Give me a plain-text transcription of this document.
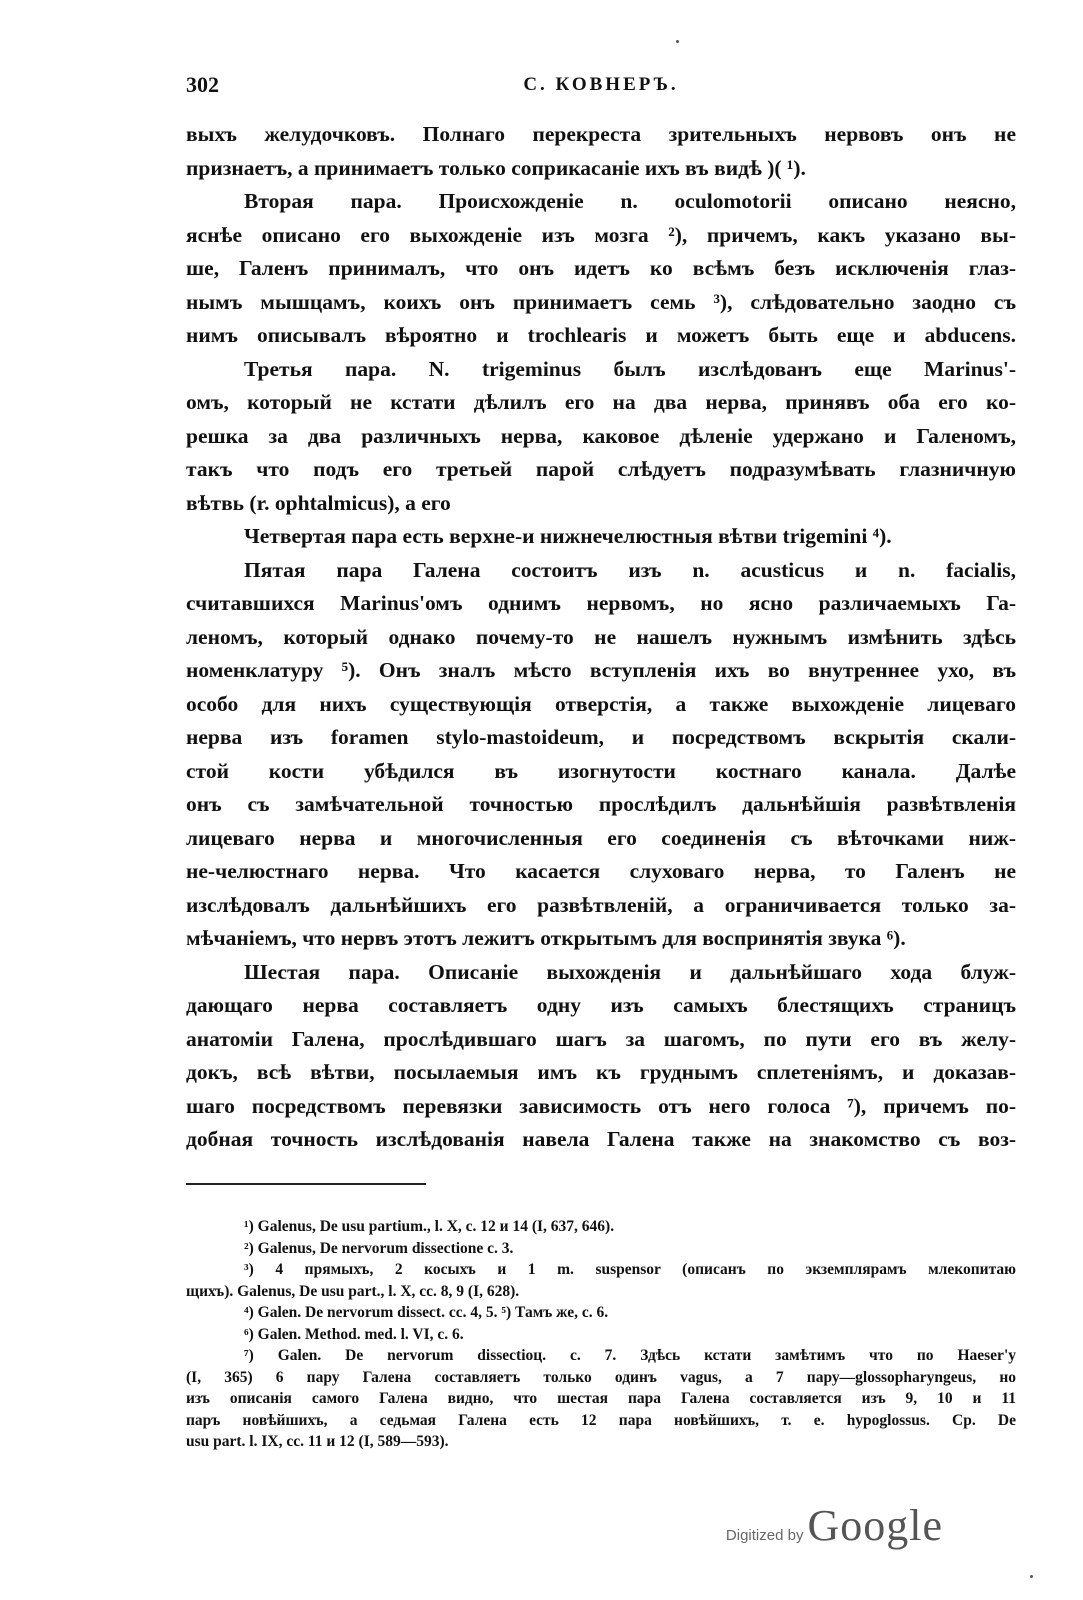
302	С. КОВНЕРЪ.
выхъ желудочковъ. Полнаго перекреста зрительныхъ нервовъ онъ не
признаетъ, а принимаетъ только соприкасаніе ихъ въ видѣ )( ¹).
Вторая пара. Происхожденіе n. oculomotorii описано неясно,
яснѣе описано его выхожденіе изъ мозга ²), причемъ, какъ указано вы-
ше, Галенъ принималъ, что онъ идетъ ко всѣмъ безъ исключенія глаз-
нымъ мышцамъ, коихъ онъ принимаетъ семь ³), слѣдовательно заодно съ
нимъ описывалъ вѣроятно и trochlearis и можетъ быть еще и abducens.
Третья пара. N. trigeminus былъ изслѣдованъ еще Marinus'-
омъ, который не кстати дѣлилъ его на два нерва, принявъ оба его ко-
решка за два различныхъ нерва, каковое дѣленіе удержано и Галеномъ,
такъ что подъ его третьей парой слѣдуетъ подразумѣвать глазничную
вѣтвь (r. ophtalmicus), а его
Четвертая пара есть верхне-и нижнечелюстныя вѣтви trigemini ⁴).
Пятая пара Галена состоитъ изъ n. acusticus и n. facialis,
считавшихся Marinus'омъ однимъ нервомъ, но ясно различаемыхъ Га-
леномъ, который однако почему-то не нашелъ нужнымъ измѣнить здѣсь
номенклатуру ⁵). Онъ зналъ мѣсто вступленія ихъ во внутреннее ухо, въ
особо для нихъ существующія отверстія, а также выхожденіе лицеваго
нерва изъ foramen stylo-mastoideum, и посредствомъ вскрытія скали-
стой кости убѣдился въ изогнутости костнаго канала. Далѣе
онъ съ замѣчательной точностью прослѣдилъ дальнѣйшія развѣтвленія
лицеваго нерва и многочисленныя его соединенія съ вѣточками ниж-
не-челюстнаго нерва. Что касается слуховаго нерва, то Галенъ не
изслѣдовалъ дальнѣйшихъ его развѣтвленій, а ограничивается только за-
мѣчаніемъ, что нервъ этотъ лежитъ открытымъ для воспринятія звука ⁶).
Шестая пара. Описаніе выхожденія и дальнѣйшаго хода блуж-
дающаго нерва составляетъ одну изъ самыхъ блестящихъ страницъ
анатоміи Галена, прослѣдившаго шагъ за шагомъ, по пути его въ желу-
докъ, всѣ вѣтви, посылаемыя имъ къ груднымъ сплетеніямъ, и доказав-
шаго посредствомъ перевязки зависимость отъ него голоса ⁷), причемъ по-
добная точность изслѣдованія навела Галена также на знакомство съ воз-
¹) Galenus, De usu partium., l. X, c. 12 и 14 (I, 637, 646).
²) Galenus, De nervorum dissectione c. 3.
³) 4 прямыхъ, 2 косыхъ и 1 m. suspensor (описанъ по экземплярамъ млекопитаю
щихъ). Galenus, De usu part., l. X, cc. 8, 9 (I, 628).
⁴) Galen. De nervorum dissect. cc. 4, 5. ⁵) Тамъ же, c. 6.
⁶) Galen. Method. med. l. VI, c. 6.
⁷) Galen. De nervorum dissectioц. c. 7. Здѣсь кстати замѣтимъ что по Haeser'у
(I, 365) 6 пару Галена составляетъ только одинъ vagus, а 7 пару—glossopharyngeus, но
изъ описанія самого Галена видно, что шестая пара Галена составляется изъ 9, 10 и 11
паръ новѣйшихъ, а седьмая Галена есть 12 пара новѣйшихъ, т. е. hypoglossus. Ср. De
usu part. l. IX, cc. 11 и 12 (I, 589—593).
Digitized by Google
